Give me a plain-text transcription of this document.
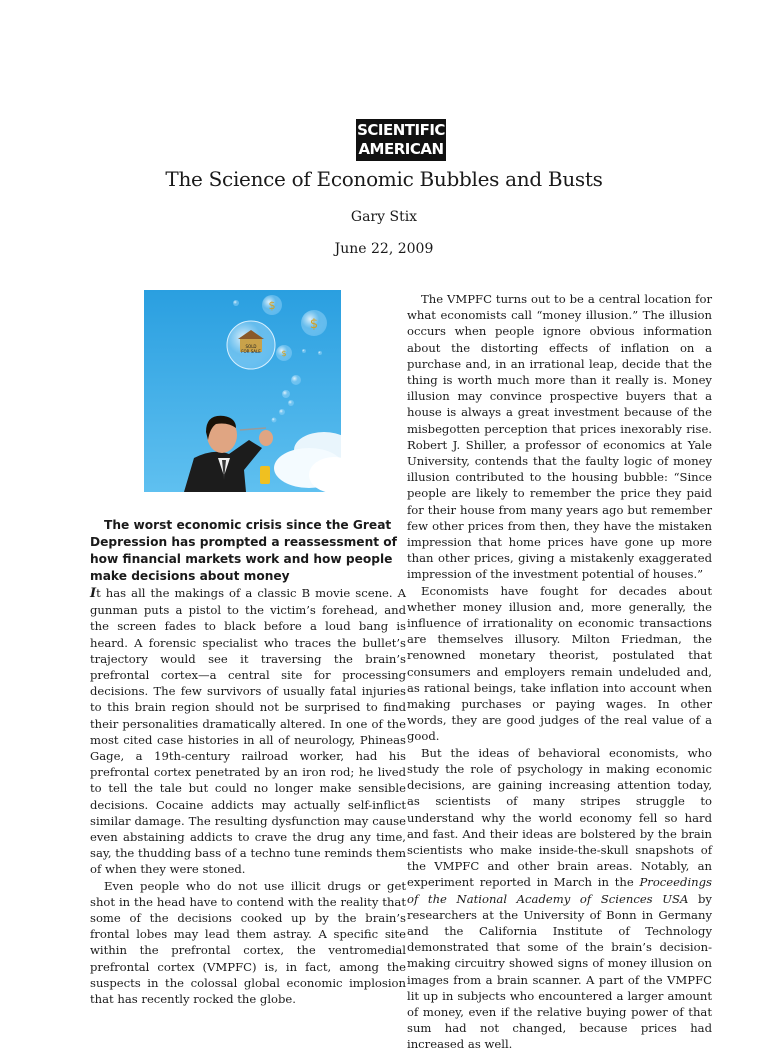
SCIENTIFIC
AMERICAN
The Science of Economic Bubbles and Busts
Gary Stix
June 22, 2009
SOLD
FOR SALE
$
$
$

The worst economic crisis since the Great Depression has prompted a reassessment of how financial markets work and how people make decisions about money

It has all the makings of a classic B movie scene. A gunman puts a pistol to the victim’s forehead, and the screen fades to black before a loud bang is heard. A forensic specialist who traces the bullet’s trajectory would see it traversing the brain’s prefrontal cortex—a central site for processing decisions. The few survivors of usually fatal injuries to this brain region should not be surprised to find their personalities dramatically altered. In one of the most cited case histories in all of neurology, Phineas Gage, a 19th-century railroad worker, had his prefrontal cortex penetrated by an iron rod; he lived to tell the tale but could no longer make sensible decisions. Cocaine addicts may actually self-inflict similar damage. The resulting dysfunction may cause even abstaining addicts to crave the drug any time, say, the thudding bass of a techno tune reminds them of when they were stoned.

Even people who do not use illicit drugs or get shot in the head have to contend with the reality that some of the decisions cooked up by the brain’s frontal lobes may lead them astray. A specific site within the prefrontal cortex, the ventromedial prefrontal cortex (VMPFC) is, in fact, among the suspects in the colossal global economic implosion that has recently rocked the globe.

The VMPFC turns out to be a central location for what economists call “money illusion.” The illusion occurs when people ignore obvious information about the distorting effects of inflation on a purchase and, in an irrational leap, decide that the thing is worth much more than it really is. Money illusion may convince prospective buyers that a house is always a great investment because of the misbegotten perception that prices inexorably rise. Robert J. Shiller, a professor of economics at Yale University, contends that the faulty logic of money illusion contributed to the housing bubble: “Since people are likely to remember the price they paid for their house from many years ago but remember few other prices from then, they have the mistaken impression that home prices have gone up more than other prices, giving a mistakenly exaggerated impression of the investment potential of houses.”

Economists have fought for decades about whether money illusion and, more generally, the influence of irrationality on economic transactions are themselves illusory. Milton Friedman, the renowned monetary theorist, postulated that consumers and employers remain undeluded and, as rational beings, take inflation into account when making purchases or paying wages. In other words, they are good judges of the real value of a good.

But the ideas of behavioral economists, who study the role of psychology in making economic decisions, are gaining increasing attention today, as scientists of many stripes struggle to understand why the world economy fell so hard and fast. And their ideas are bolstered by the brain scientists who make inside-the-skull snapshots of the VMPFC and other brain areas. Notably, an experiment reported in March in the Proceedings of the National Academy of Sciences USA by researchers at the University of Bonn in Germany and the California Institute of Technology demonstrated that some of the brain’s decision-making circuitry showed signs of money illusion on images from a brain scanner. A part of the VMPFC lit up in subjects who encountered a larger amount of money, even if the relative buying power of that sum had not changed, because prices had increased as well.
